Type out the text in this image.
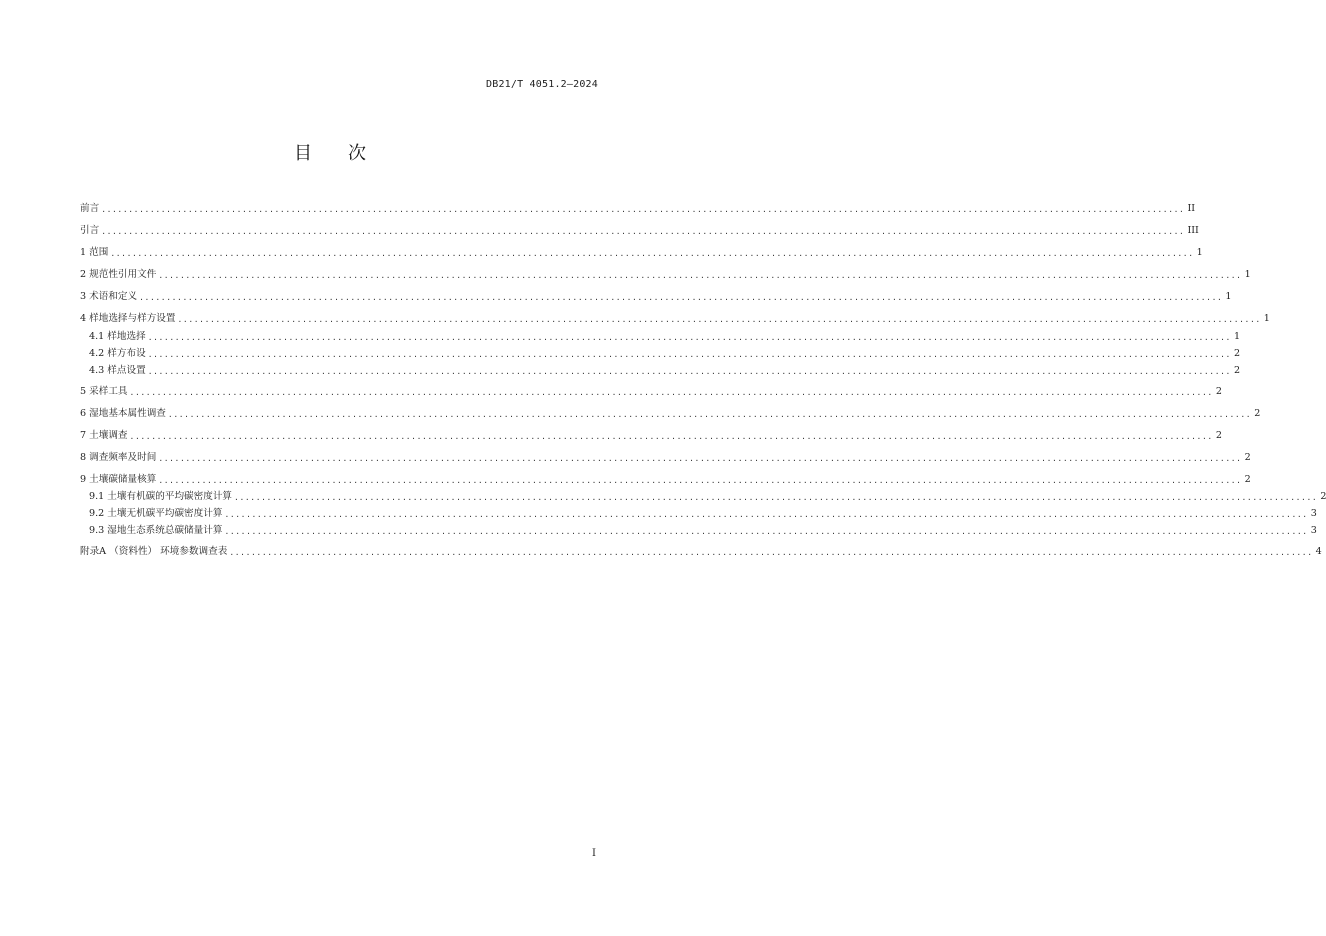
DB21/T 4051.2—2024
目 次
前言 ........................................................................................................................................................................................................ II
引言 ........................................................................................................................................................................................................ III
1 范围 ........................................................................................................................................................................................................ 1
2 规范性引用文件 ........................................................................................................................................................................................................ 1
3 术语和定义 ........................................................................................................................................................................................................ 1
4 样地选择与样方设置 ........................................................................................................................................................................................................ 1
4.1 样地选择 ........................................................................................................................................................................................................ 1
4.2 样方布设 ........................................................................................................................................................................................................ 2
4.3 样点设置 ........................................................................................................................................................................................................ 2
5 采样工具 ........................................................................................................................................................................................................ 2
6 湿地基本属性调查 ........................................................................................................................................................................................................ 2
7 土壤调查 ........................................................................................................................................................................................................ 2
8 调查频率及时间 ........................................................................................................................................................................................................ 2
9 土壤碳储量核算 ........................................................................................................................................................................................................ 2
9.1 土壤有机碳的平均碳密度计算 ........................................................................................................................................................................................................ 2
9.2 土壤无机碳平均碳密度计算 ........................................................................................................................................................................................................ 3
9.3 湿地生态系统总碳储量计算 ........................................................................................................................................................................................................ 3
附录A （资料性） 环境参数调查表 ........................................................................................................................................................................................................ 4
I
